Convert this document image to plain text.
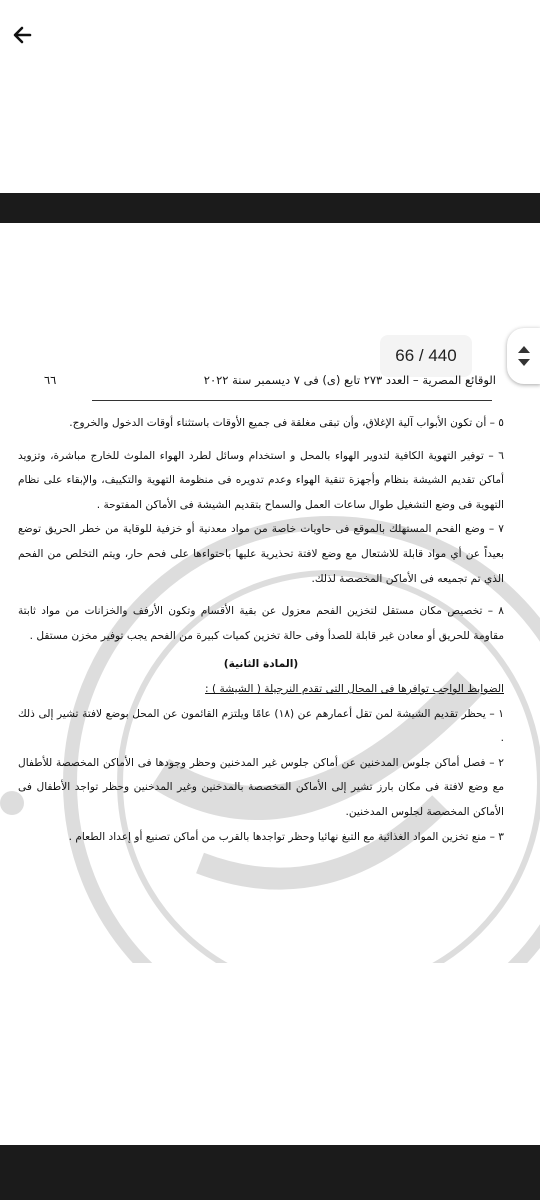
66 / 440
الوقائع المصرية – العدد ٢٧٣ تابع (ى) فى ٧ ديسمبر سنة ٢٠٢٢
٦٦

٥ – أن تكون الأبواب آلية الإغلاق، وأن تبقى مغلقة فى جميع الأوقات باستثناء أوقات الدخول والخروج.

٦ – توفير التهوية الكافية لتدوير الهواء بالمحل و استخدام وسائل لطرد الهواء الملوث للخارج مباشرة، وتزويد أماكن تقديم الشيشة بنظام وأجهزة تنقية الهواء وعدم تدويره فى منظومة التهوية والتكييف، والإبقاء على نظام التهوية فى وضع التشغيل طوال ساعات العمل والسماح بتقديم الشيشة فى الأماكن المفتوحة .

٧ – وضع الفحم المستهلك بالموقع فى حاويات خاصة من مواد معدنية أو خزفية للوقاية من خطر الحريق توضع بعيداً عن أي مواد قابلة للاشتعال مع وضع لافتة تحذيرية عليها باحتواءها على فحم حار، ويتم التخلص من الفحم الذي تم تجميعه فى الأماكن المخصصة لذلك.

٨ – تخصيص مكان مستقل لتخزين الفحم معزول عن بقية الأقسام وتكون الأرفف والخزانات من مواد ثابتة مقاومة للحريق أو معادن غير قابلة للصدأ وفى حالة تخزين كميات كبيرة من الفحم يجب توفير مخزن مستقل .

(المادة الثانية)

الضوابط الواجب توافرها فى المحال التى تقدم النرجيلة ( الشيشة ) :

١ – يحظر تقديم الشيشة لمن تقل أعمارهم عن (١٨) عامًا ويلتزم القائمون عن المحل بوضع لافتة تشير إلى ذلك .

٢ – فصل أماكن جلوس المدخنين عن أماكن جلوس غير المدخنين وحظر وجودها فى الأماكن المخصصة للأطفال مع وضع لافتة فى مكان بارز تشير إلى الأماكن المخصصة بالمدخنين وغير المدخنين وحظر تواجد الأطفال فى الأماكن المخصصة لجلوس المدخنين.

٣ – منع تخزين المواد الغذائية مع التبغ نهائيا وحظر تواجدها بالقرب من أماكن تصنيع أو إعداد الطعام .
